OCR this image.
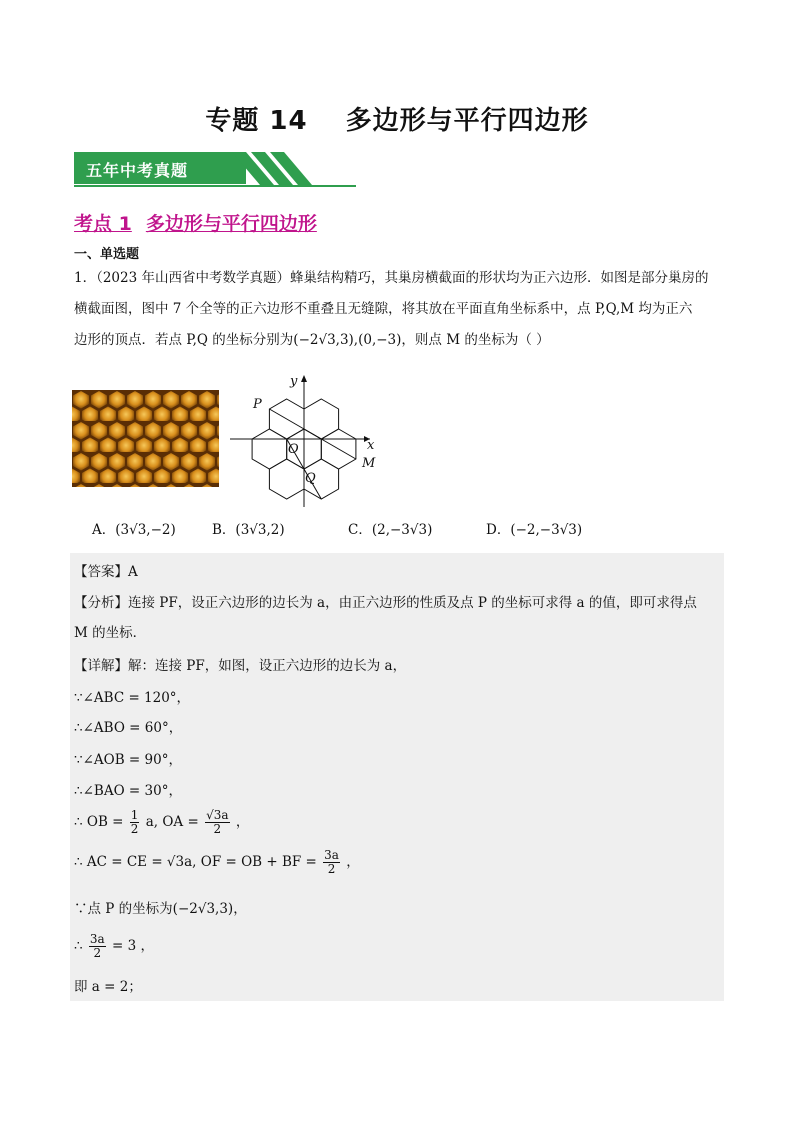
专题 14 多边形与平行四边形
五年中考真题
考点 1 多边形与平行四边形
一、单选题

1．（2023 年山西省中考数学真题）蜂巢结构精巧，其巢房横截面的形状均为正六边形．如图是部分巢房的

横截面图，图中 7 个全等的正六边形不重叠且无缝隙，将其放在平面直角坐标系中，点 P,Q,M 均为正六

边形的顶点．若点 P,Q 的坐标分别为(−2√3,3),(0,−3)，则点 M 的坐标为（ ）

y
x
P
O
Q
M
A．(3√3,−2)	B．(3√3,2)	C．(2,−3√3)	D．(−2,−3√3)
【答案】A
【分析】连接 PF，设正六边形的边长为 a，由正六边形的性质及点 P 的坐标可求得 a 的值，即可求得点
M 的坐标．
【详解】解：连接 PF，如图，设正六边形的边长为 a，
∵∠ABC = 120°，
∴∠ABO = 60°，
∵∠AOB = 90°，
∴∠BAO = 30°，
∴ OB = $\frac{1}{2} a$, OA = $\frac{√3a}{2}$ ，
∴ AC = CE = √3a, OF = OB + BF = $\frac{3a}{2}$ ，
∵点 P 的坐标为(−2√3,3)，
∴ $\frac{3a}{2} = 3$ ，
即 a = 2；
